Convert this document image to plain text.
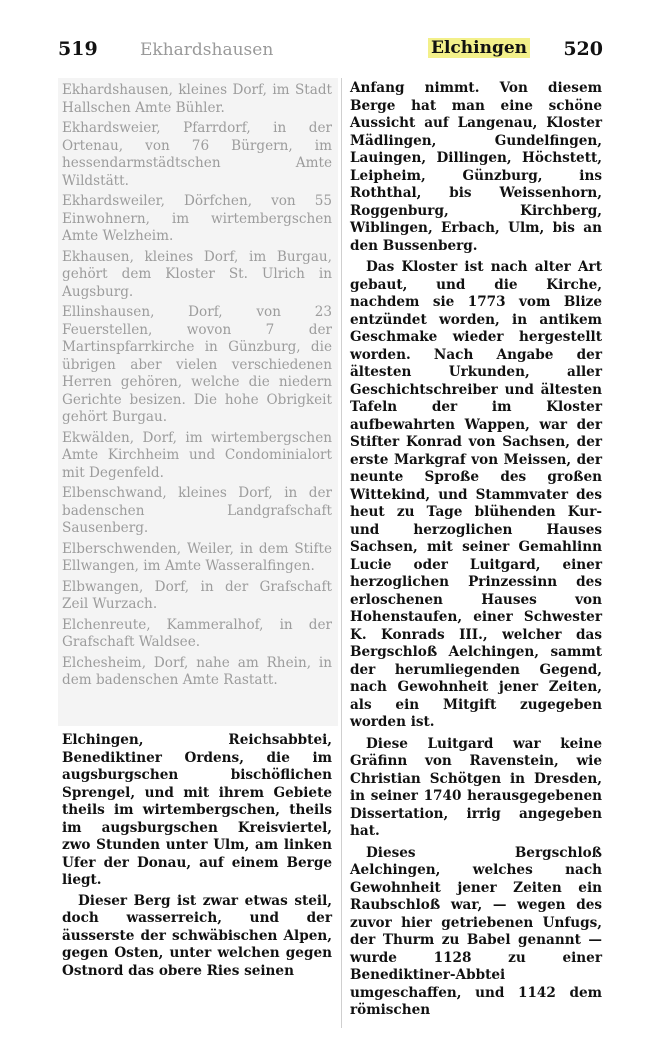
519 Ekhardshausen	Elchingen 520
Ekhardshausen, kleines Dorf, im Stadt Hallschen Amte Bühler.
Ekhardsweier, Pfarrdorf, in der Ortenau, von 76 Bürgern, im hessendarmstädtschen Amte Wildstätt.
Ekhardsweiler, Dörfchen, von 55 Einwohnern, im wirtembergschen Amte Welzheim.
Ekhausen, kleines Dorf, im Burgau, gehört dem Kloster St. Ulrich in Augsburg.
Ellinshausen, Dorf, von 23 Feuerstellen, wovon 7 der Martinspfarrkirche in Günzburg, die übrigen aber vielen verschiedenen Herren gehören, welche die niedern Gerichte besizen. Die hohe Obrigkeit gehört Burgau.
Ekwälden, Dorf, im wirtembergschen Amte Kirchheim und Condominialort mit Degenfeld.
Elbenschwand, kleines Dorf, in der badenschen Landgrafschaft Sausenberg.
Elberschwenden, Weiler, in dem Stifte Ellwangen, im Amte Wasseralfingen.
Elbwangen, Dorf, in der Grafschaft Zeil Wurzach.
Elchenreute, Kammeralhof, in der Grafschaft Waldsee.
Elchesheim, Dorf, nahe am Rhein, in dem badenschen Amte Rastatt.
Elchingen, Reichsabbtei, Benediktiner Ordens, die im augsburgschen bischöflichen Sprengel, und mit ihrem Gebiete theils im wirtembergschen, theils im augsburgschen Kreisviertel, zwo Stunden unter Ulm, am linken Ufer der Donau, auf einem Berge liegt.
Dieser Berg ist zwar etwas steil, doch wasserreich, und der äusserste der schwäbischen Alpen, gegen Osten, unter welchen gegen Ostnord das obere Ries seinen
Anfang nimmt. Von diesem Berge hat man eine schöne Aussicht auf Langenau, Kloster Mädlingen, Gundelfingen, Lauingen, Dillingen, Höchstett, Leipheim, Günzburg, ins Roththal, bis Weissenhorn, Roggenburg, Kirchberg, Wiblingen, Erbach, Ulm, bis an den Bussenberg.
Das Kloster ist nach alter Art gebaut, und die Kirche, nachdem sie 1773 vom Blize entzündet worden, in antikem Geschmake wieder hergestellt worden. Nach Angabe der ältesten Urkunden, aller Geschichtschreiber und ältesten Tafeln der im Kloster aufbewahrten Wappen, war der Stifter Konrad von Sachsen, der erste Markgraf von Meissen, der neunte Sproße des großen Wittekind, und Stammvater des heut zu Tage blühenden Kur- und herzoglichen Hauses Sachsen, mit seiner Gemahlinn Lucie oder Luitgard, einer herzoglichen Prinzessinn des erloschenen Hauses von Hohenstaufen, einer Schwester K. Konrads III., welcher das Bergschloß Aelchingen, sammt der herumliegenden Gegend, nach Gewohnheit jener Zeiten, als ein Mitgift zugegeben worden ist.
Diese Luitgard war keine Gräfinn von Ravenstein, wie Christian Schötgen in Dresden, in seiner 1740 herausgegebenen Dissertation, irrig angegeben hat.
Dieses Bergschloß Aelchingen, welches nach Gewohnheit jener Zeiten ein Raubschloß war, — wegen des zuvor hier getriebenen Unfugs, der Thurm zu Babel genannt — wurde 1128 zu einer Benediktiner-Abbtei umgeschaffen, und 1142 dem römischen
